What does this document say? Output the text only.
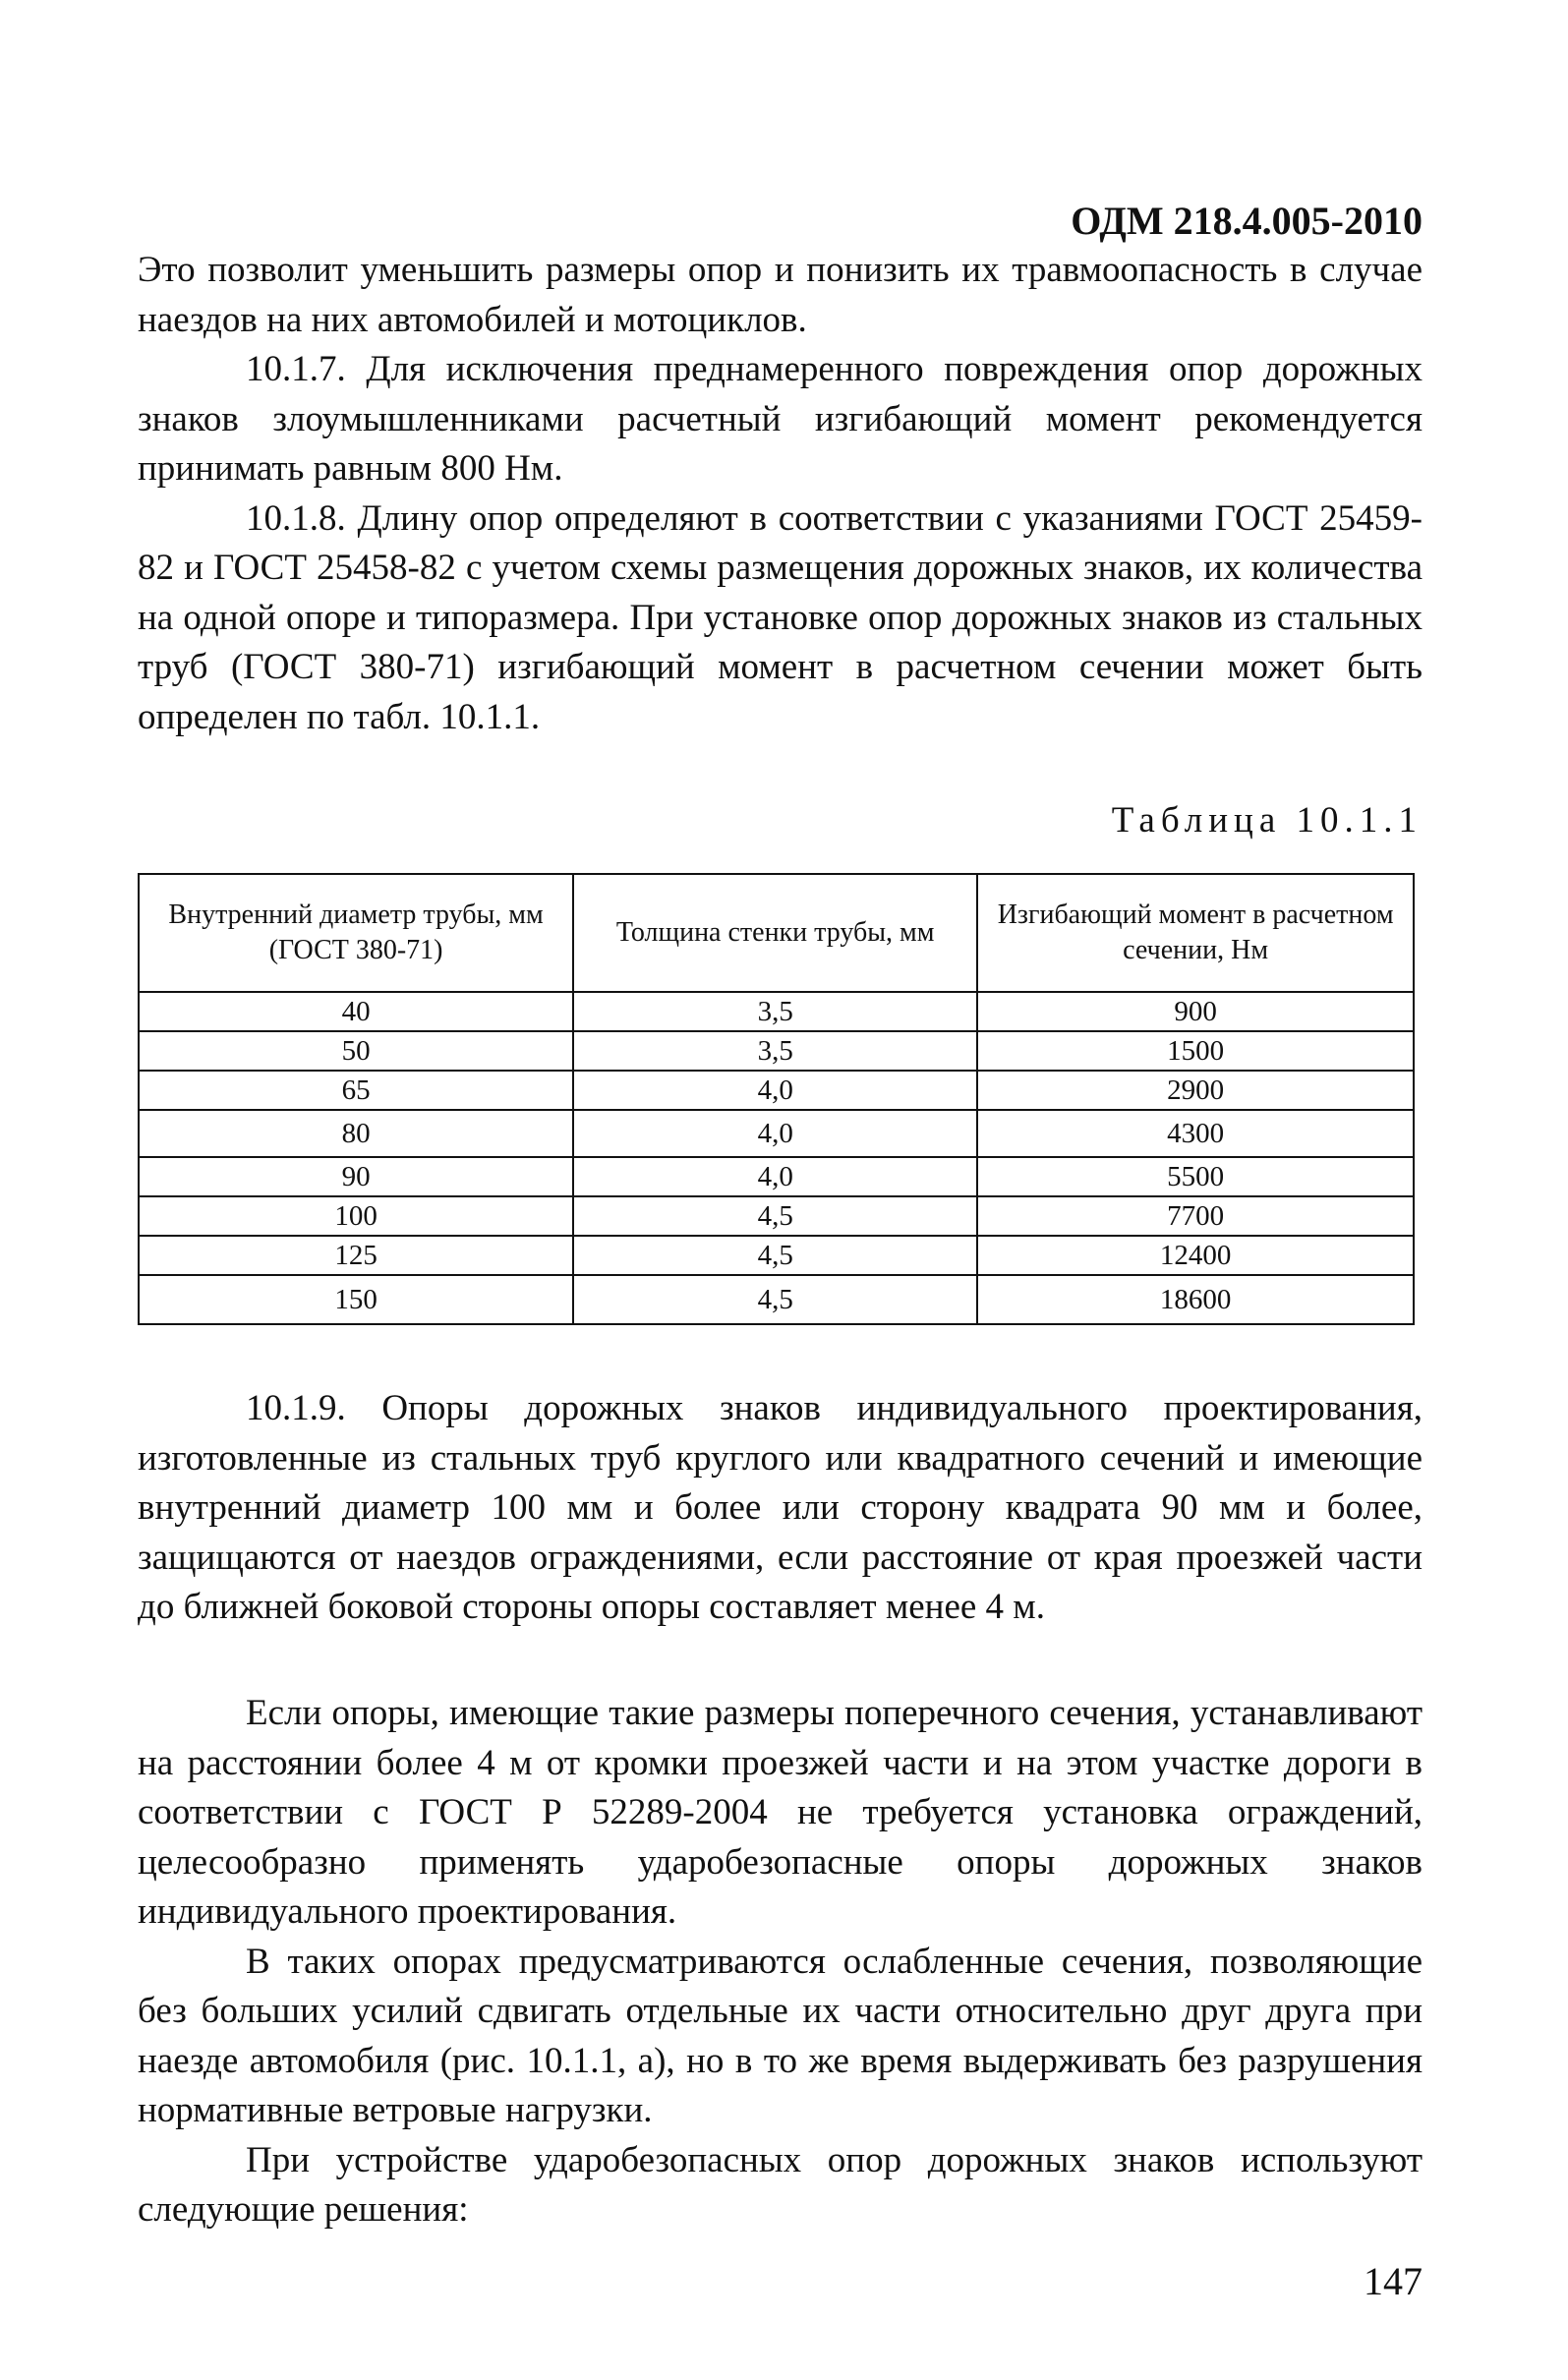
ОДМ 218.4.005-2010

Это позволит уменьшить размеры опор и понизить их травмоопасность в случае наездов на них автомобилей и мотоциклов.

10.1.7. Для исключения преднамеренного повреждения опор дорожных знаков злоумышленниками расчетный изгибающий момент рекомендуется принимать равным 800 Нм.

10.1.8. Длину опор определяют в соответствии с указаниями ГОСТ 25459-82 и ГОСТ 25458-82 с учетом схемы размещения дорожных знаков, их количества на одной опоре и типоразмера. При установке опор дорожных знаков из стальных труб (ГОСТ 380-71) изгибающий момент в расчетном сечении может быть определен по табл. 10.1.1.

Таблица 10.1.1
Внутренний диаметр трубы, мм (ГОСТ 380-71)	Толщина стенки трубы, мм	Изгибающий момент в расчетном сечении, Нм
40	3,5	900
50	3,5	1500
65	4,0	2900
80	4,0	4300
90	4,0	5500
100	4,5	7700
125	4,5	12400
150	4,5	18600

10.1.9. Опоры дорожных знаков индивидуального проектирования, изготовленные из стальных труб круглого или квадратного сечений и имеющие внутренний диаметр 100 мм и более или сторону квадрата 90 мм и более, защищаются от наездов ограждениями, если расстояние от края проезжей части до ближней боковой стороны опоры составляет менее 4 м.

Если опоры, имеющие такие размеры поперечного сечения, устанавливают на расстоянии более 4 м от кромки проезжей части и на этом участке дороги в соответствии с ГОСТ Р 52289-2004 не требуется установка ограждений, целесообразно применять ударобезопасные опоры дорожных знаков индивидуального проектирования.

В таких опорах предусматриваются ослабленные сечения, позволяющие без больших усилий сдвигать отдельные их части относительно друг друга при наезде автомобиля (рис. 10.1.1, а), но в то же время выдерживать без разрушения нормативные ветровые нагрузки.

При устройстве ударобезопасных опор дорожных знаков используют следующие решения:

147
